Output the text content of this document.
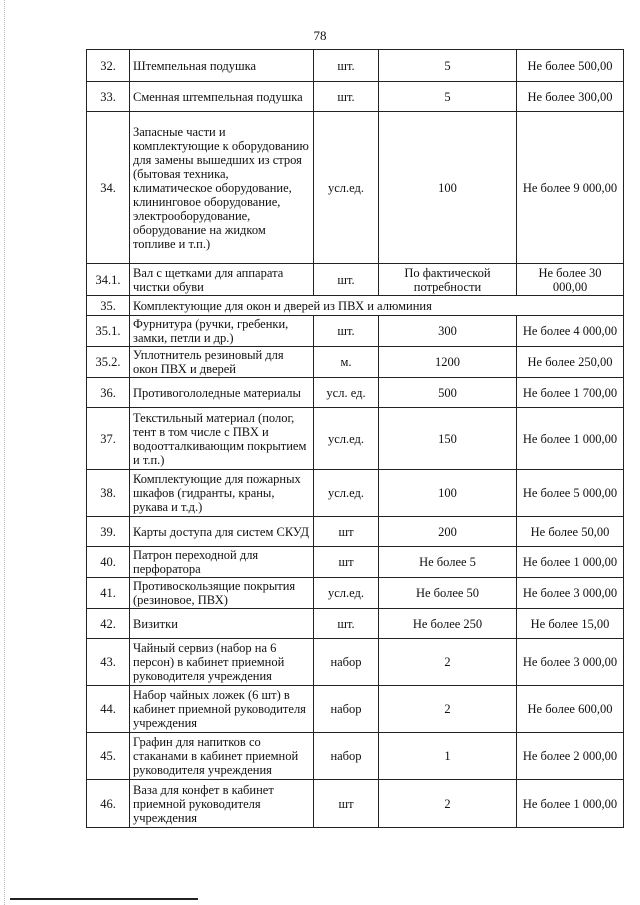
78
32.	Штемпельная подушка	шт.	5	Не более 500,00
33.	Сменная штемпельная подушка	шт.	5	Не более 300,00
34.	Запасные части и комплектующие к оборудованию для замены вышедших из строя (бытовая техника, климатическое оборудование, клининговое оборудование, электрооборудование, оборудование на жидком топливе и т.п.)	усл.ед.	100	Не более 9 000,00
34.1.	Вал с щетками для аппарата чистки обуви	шт.	По фактической потребности	Не более 30 000,00
35.	Комплектующие для окон и дверей из ПВХ и алюминия			
35.1.	Фурнитура (ручки, гребенки, замки, петли и др.)	шт.	300	Не более 4 000,00
35.2.	Уплотнитель резиновый для окон ПВХ и дверей	м.	1200	Не более 250,00
36.	Противогололедные материалы	усл. ед.	500	Не более 1 700,00
37.	Текстильный материал (полог, тент в том числе с ПВХ и водоотталкивающим покрытием и т.п.)	усл.ед.	150	Не более 1 000,00
38.	Комплектующие для пожарных шкафов (гидранты, краны, рукава и т.д.)	усл.ед.	100	Не более 5 000,00
39.	Карты доступа для систем СКУД	шт	200	Не более 50,00
40.	Патрон переходной для перфоратора	шт	Не более 5	Не более 1 000,00
41.	Противоскользящие покрытия (резиновое, ПВХ)	усл.ед.	Не более 50	Не более 3 000,00
42.	Визитки	шт.	Не более 250	Не более 15,00
43.	Чайный сервиз (набор на 6 персон) в кабинет приемной руководителя учреждения	набор	2	Не более 3 000,00
44.	Набор чайных ложек (6 шт) в кабинет приемной руководителя учреждения	набор	2	Не более 600,00
45.	Графин для напитков со стаканами в кабинет приемной руководителя учреждения	набор	1	Не более 2 000,00
46.	Ваза для конфет в кабинет приемной руководителя учреждения	шт	2	Не более 1 000,00
